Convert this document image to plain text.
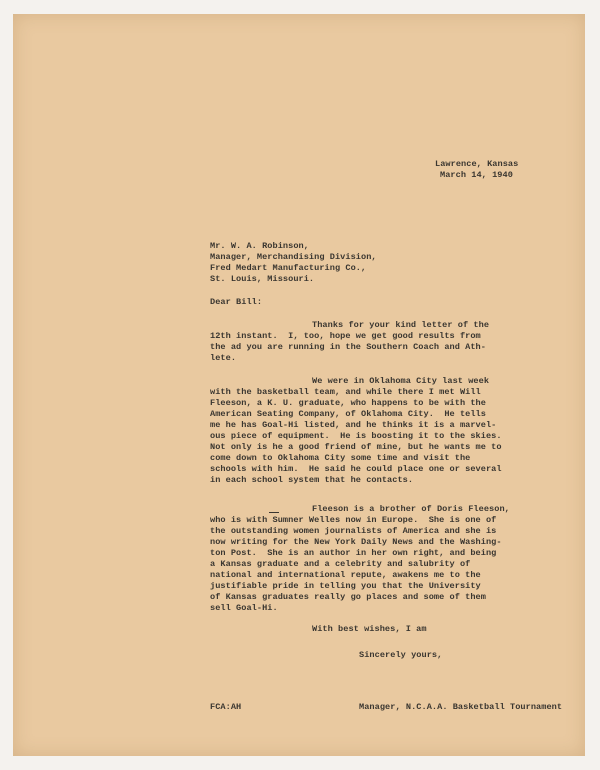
Lawrence, Kansas
March 14, 1940
Mr. W. A. Robinson,
Manager, Merchandising Division,
Fred Medart Manufacturing Co.,
St. Louis, Missouri.
Dear Bill:
Thanks for your kind letter of the
12th instant.  I, too, hope we get good results from
the ad you are running in the Southern Coach and Ath-
lete.
We were in Oklahoma City last week
with the basketball team, and while there I met Will
Fleeson, a K. U. graduate, who happens to be with the
American Seating Company, of Oklahoma City.  He tells
me he has Goal-Hi listed, and he thinks it is a marvel-
ous piece of equipment.  He is boosting it to the skies.
Not only is he a good friend of mine, but he wants me to
come down to Oklahoma City some time and visit the
schools with him.  He said he could place one or several
in each school system that he contacts.
Fleeson is a brother of Doris Fleeson,
who is with Sumner Welles now in Europe.  She is one of
the outstanding women journalists of America and she is
now writing for the New York Daily News and the Washing-
ton Post.  She is an author in her own right, and being
a Kansas graduate and a celebrity and salubrity of
national and international repute, awakens me to the
justifiable pride in telling you that the University
of Kansas graduates really go places and some of them
sell Goal-Hi.
With best wishes, I am
Sincerely yours,
FCA:AH	Manager, N.C.A.A. Basketball Tournament
